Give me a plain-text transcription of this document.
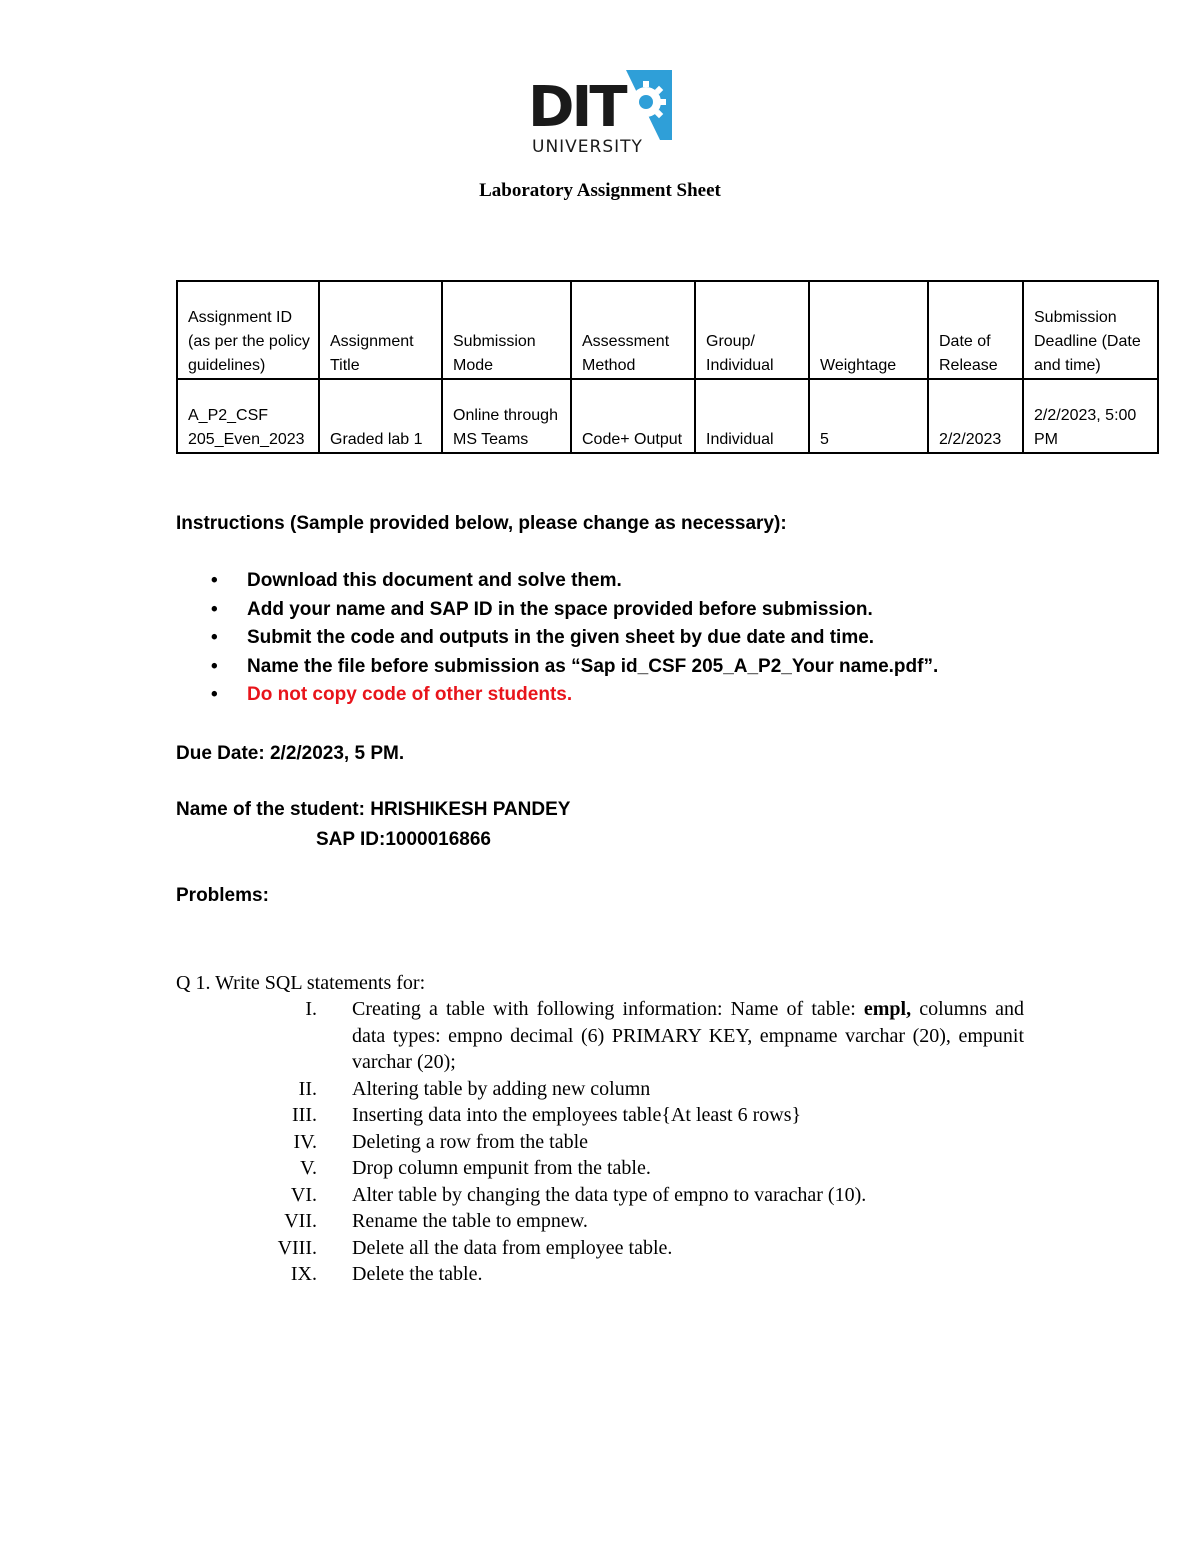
DIT
UNIVERSITY
Laboratory Assignment Sheet
Assignment ID (as per the policy guidelines)	Assignment Title	Submission Mode	Assessment Method	Group/ Individual	Weightage	Date of Release	Submission Deadline (Date and time)
A_P2_CSF 205_Even_2023	Graded lab 1	Online through MS Teams	Code+ Output	Individual	5	2/2/2023	2/2/2023, 5:00 PM
Instructions (Sample provided below, please change as necessary):
• Download this document and solve them.
• Add your name and SAP ID in the space provided before submission.
• Submit the code and outputs in the given sheet by due date and time.
• Name the file before submission as “Sap id_CSF 205_A_P2_Your name.pdf”.
• Do not copy code of other students.
Due Date: 2/2/2023, 5 PM.
Name of the student: HRISHIKESH PANDEY
SAP ID:1000016866
Problems:
Q 1. Write SQL statements for:
I. Creating a table with following information: Name of table: empl, columns and data types: empno decimal (6) PRIMARY KEY, empname varchar (20), empunit varchar (20);
II. Altering table by adding new column
III. Inserting data into the employees table{At least 6 rows}
IV. Deleting a row from the table
V. Drop column empunit from the table.
VI. Alter table by changing the data type of empno to varachar (10).
VII. Rename the table to empnew.
VIII. Delete all the data from employee table.
IX. Delete the table.
